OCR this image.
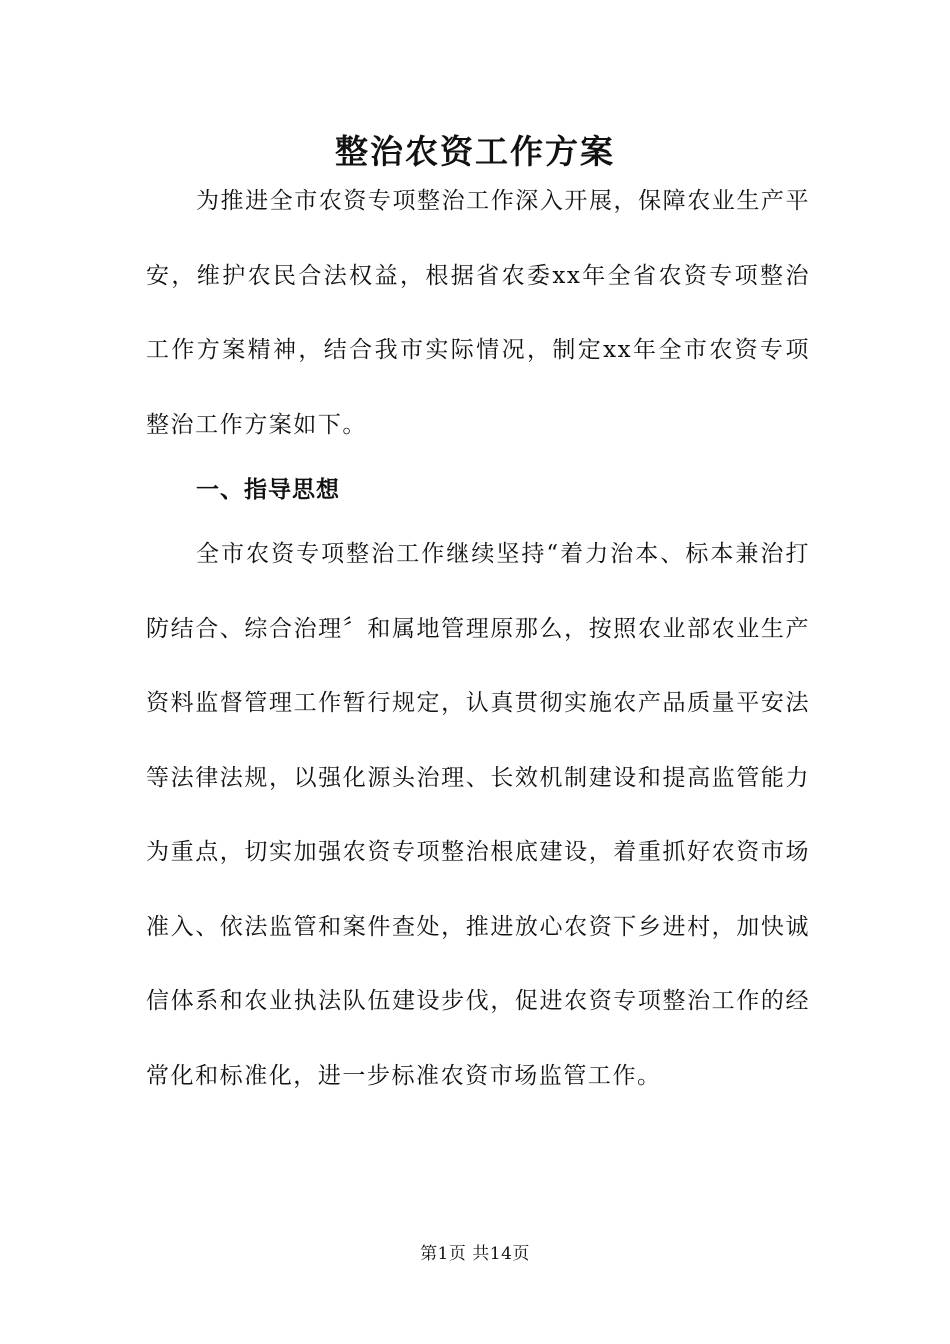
整治农资工作方案

为推进全市农资专项整治工作深入开展，保障农业生产平安，维护农民合法权益，根据省农委xx年全省农资专项整治工作方案精神，结合我市实际情况，制定xx年全市农资专项整治工作方案如下。

一、指导思想

全市农资专项整治工作继续坚持“着力治本、标本兼治打防结合、综合治理〞和属地管理原那么，按照农业部农业生产资料监督管理工作暂行规定，认真贯彻实施农产品质量平安法等法律法规，以强化源头治理、长效机制建设和提高监管能力为重点，切实加强农资专项整治根底建设，着重抓好农资市场准入、依法监管和案件查处，推进放心农资下乡进村，加快诚信体系和农业执法队伍建设步伐，促进农资专项整治工作的经常化和标准化，进一步标准农资市场监管工作。

第1页 共14页
